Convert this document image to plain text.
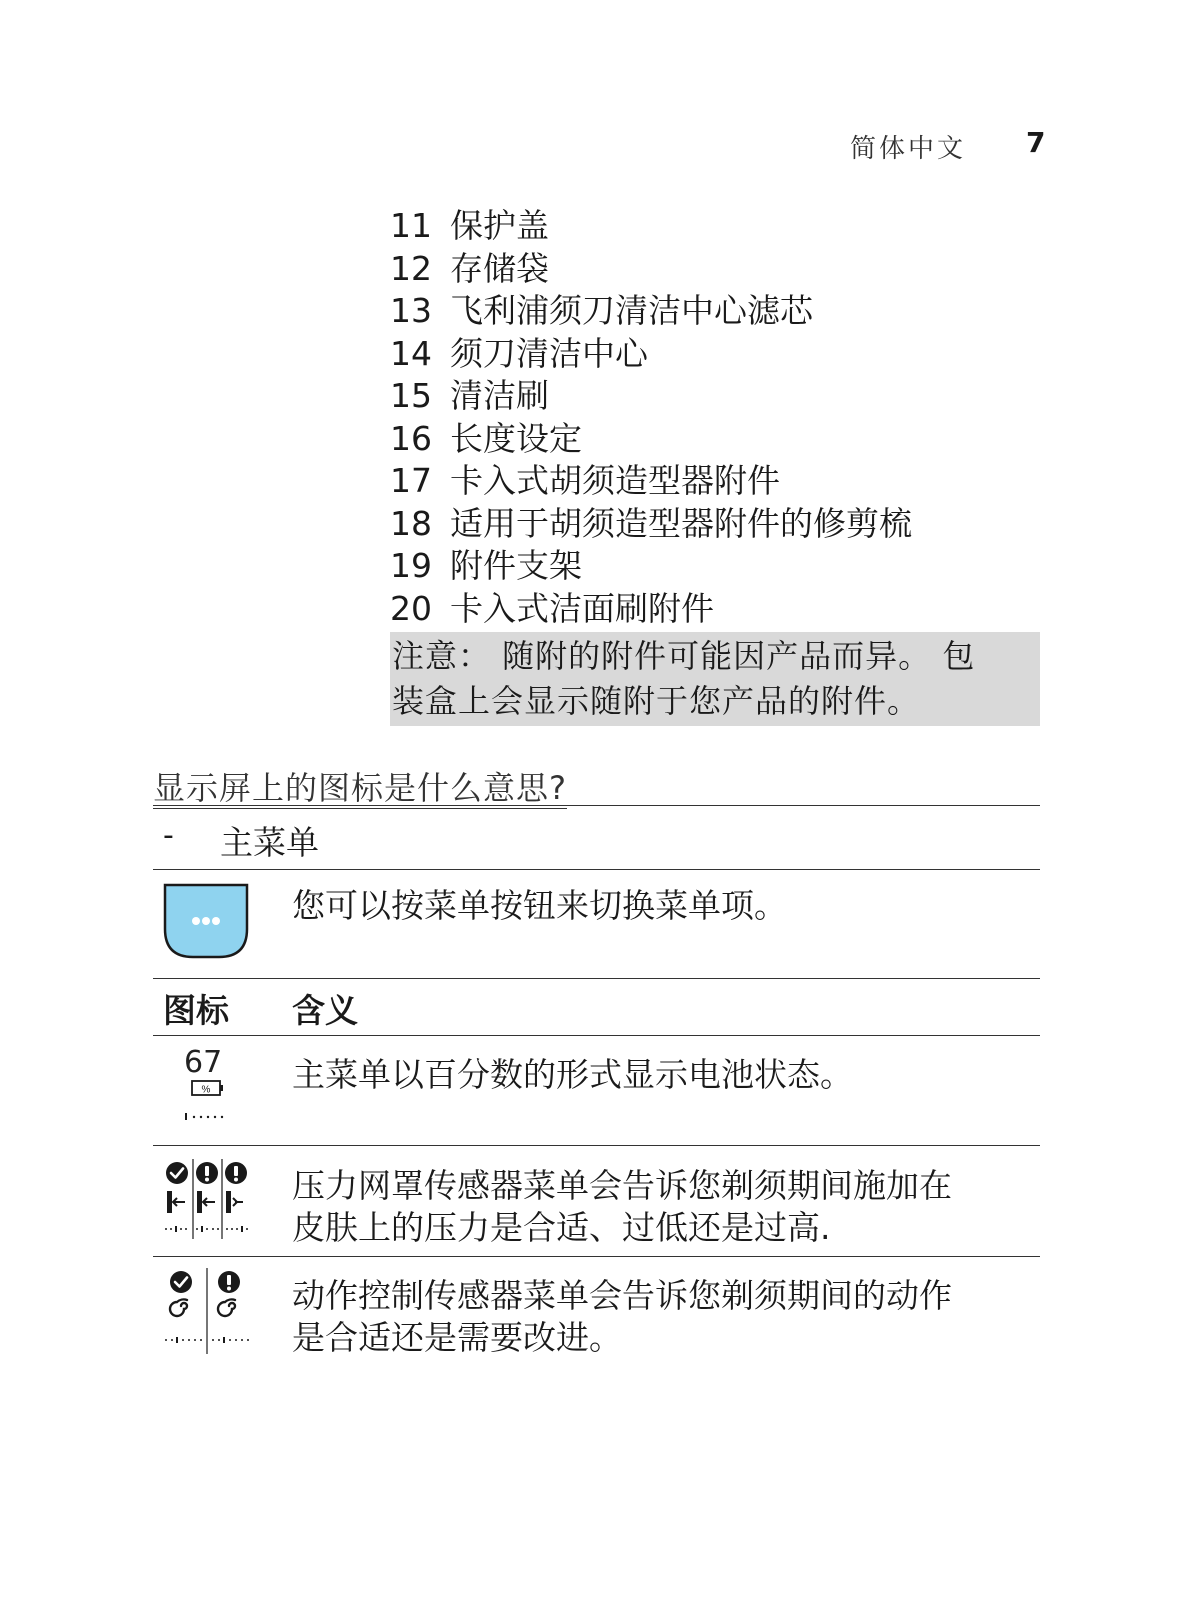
简体中文 7
11 保护盖
12 存储袋
13 飞利浦须刀清洁中心滤芯
14 须刀清洁中心
15 清洁刷
16 长度设定
17 卡入式胡须造型器附件
18 适用于胡须造型器附件的修剪梳
19 附件支架
20 卡入式洁面刷附件
注意： 随附的附件可能因产品而异。 包
装盒上会显示随附于您产品的附件。
显示屏上的图标是什么意思?
- 主菜单
您可以按菜单按钮来切换菜单项。
图标 含义
67
% 主菜单以百分数的形式显示电池状态。
压力网罩传感器菜单会告诉您剃须期间施加在
皮肤上的压力是合适、过低还是过高.
动作控制传感器菜单会告诉您剃须期间的动作
是合适还是需要改进。
